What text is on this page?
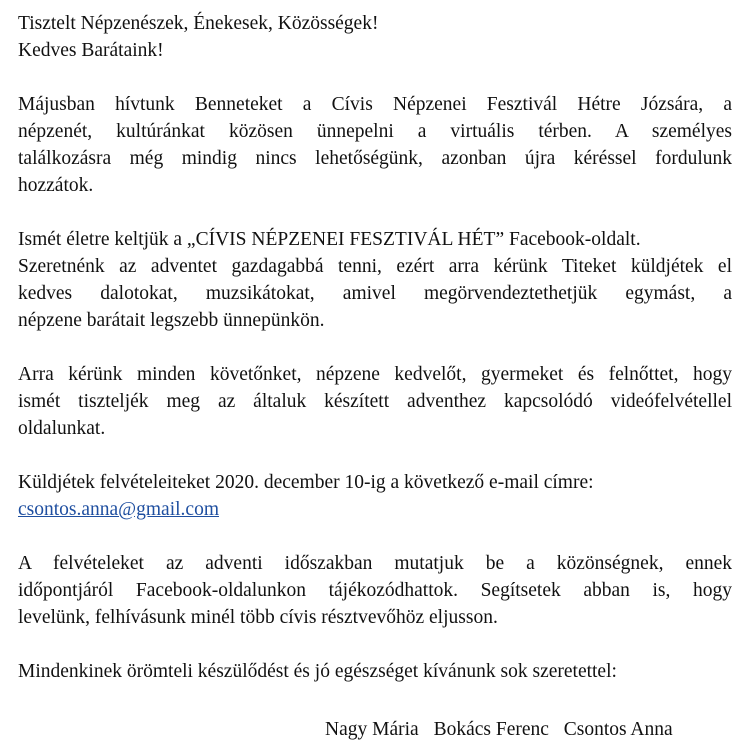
Tisztelt Népzenészek, Énekesek, Közösségek!
Kedves Barátaink!
Májusban hívtunk Benneteket a Cívis Népzenei Fesztivál Hétre Józsára, a
népzenét, kultúránkat közösen ünnepelni a virtuális térben. A személyes
találkozásra még mindig nincs lehetőségünk, azonban újra kéréssel fordulunk
hozzátok.
Ismét életre keltjük a „CÍVIS NÉPZENEI FESZTIVÁL HÉT” Facebook-oldalt.
Szeretnénk az adventet gazdagabbá tenni, ezért arra kérünk Titeket küldjétek el
kedves dalotokat, muzsikátokat, amivel megörvendeztethetjük egymást, a
népzene barátait legszebb ünnepünkön.
Arra kérünk minden követőnket, népzene kedvelőt, gyermeket és felnőttet, hogy
ismét tiszteljék meg az általuk készített adventhez kapcsolódó videófelvétellel
oldalunkat.
Küldjétek felvételeiteket 2020. december 10-ig a következő e-mail címre:
csontos.anna@gmail.com
A felvételeket az adventi időszakban mutatjuk be a közönségnek, ennek
időpontjáról Facebook-oldalunkon tájékozódhattok. Segítsetek abban is, hogy
levelünk, felhívásunk minél több cívis résztvevőhöz eljusson.
Mindenkinek örömteli készülődést és jó egészséget kívánunk sok szeretettel:
Nagy Mária Bokács Ferenc Csontos Anna
